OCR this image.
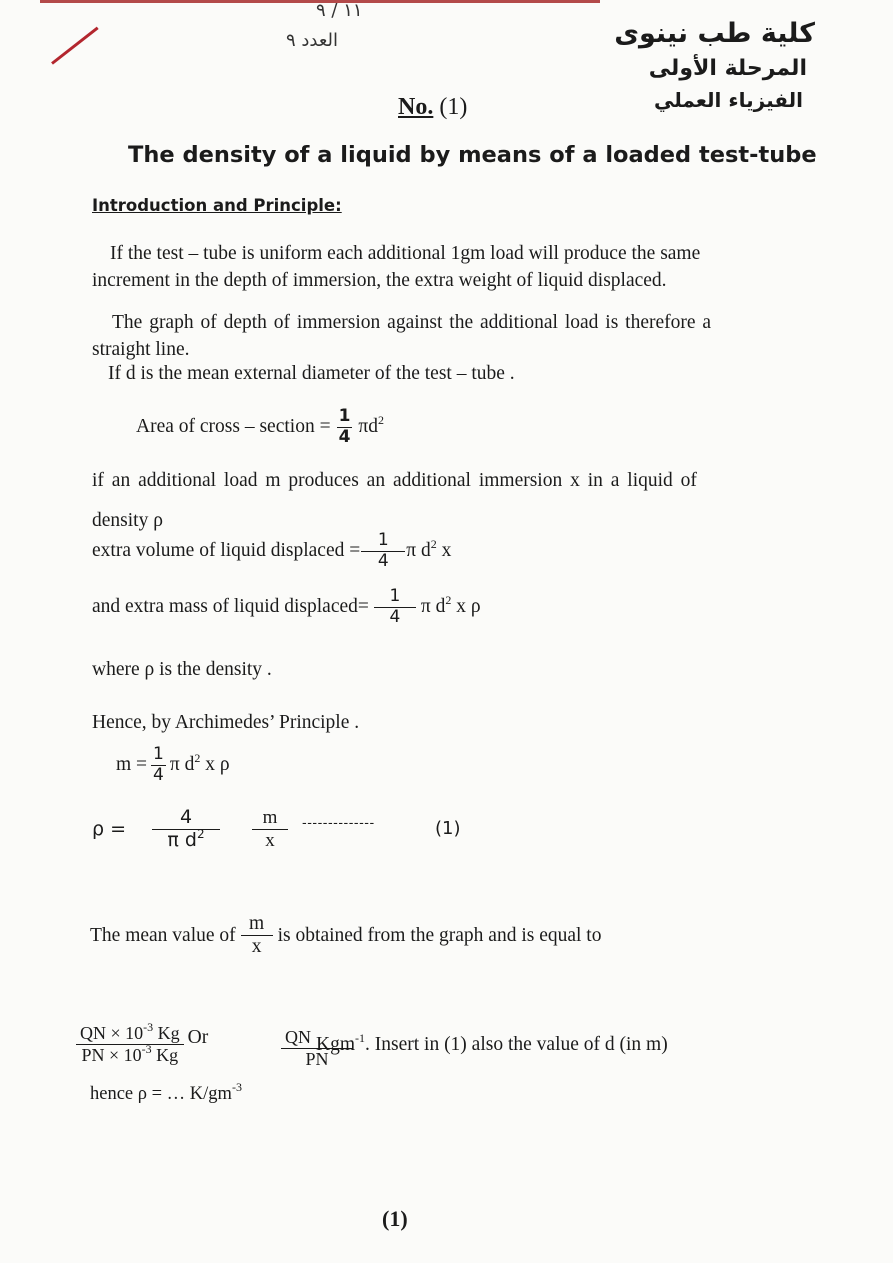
١١ / ٩
العدد ٩	كلية طب نينوى
المرحلة الأولى
الفيزياء العملي
No. (1)
The density of a liquid by means of a loaded test-tube
Introduction and Principle:
If the test – tube is uniform each additional 1gm load will produce the same
increment in the depth of immersion, the extra weight of liquid displaced.
The graph of depth of immersion against the additional load is therefore a
straight line.
If d is the mean external diameter of the test – tube .
Area of cross – section = $\frac{1}{4} \pi d^2$
if an additional load m produces an additional immersion x in a liquid of
density ρ
extra volume of liquid displaced = $\frac{1}{4}$ π $d^2$ x
and extra mass of liquid displaced= $\frac{1}{4}$ π $d^2$ x ρ
where ρ is the density .
Hence, by Archimedes’ Principle .
$m = \frac{1}{4}$ π $d^2$ x ρ
$\rho = \frac{4}{\pi d^2} \frac{m}{x}$ --------------	(1)
The mean value of $\frac{m}{x}$ is obtained from the graph and is equal to
$\frac{QN \times 10^{-3} Kg}{PN \times 10^{-3} Kg}$ Or	$\frac{QN}{PN}$
Kgm$^{-1}$. Insert in (1) also the value of d (in m)
hence ρ = … $K/gm^{-3}$
(1)
